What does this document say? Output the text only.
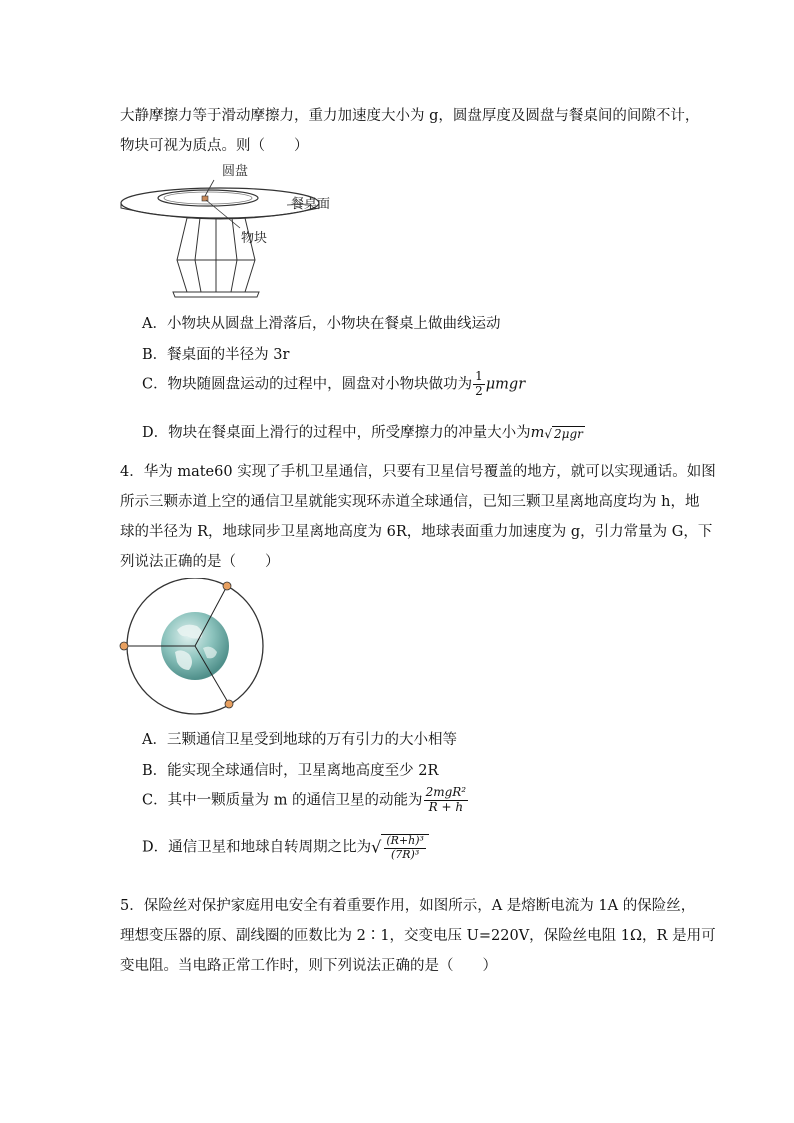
大静摩擦力等于滑动摩擦力，重力加速度大小为 g，圆盘厚度及圆盘与餐桌间的间隙不计，
物块可视为质点。则（　　）
圆盘
餐桌面
物块
A．小物块从圆盘上滑落后，小物块在餐桌上做曲线运动
B．餐桌面的半径为 3r
C．物块随圆盘运动的过程中，圆盘对小物块做功为 $\frac{1}{2}$ μmgr
D．物块在餐桌面上滑行的过程中，所受摩擦力的冲量大小为m√ 2μgr
4．华为 mate60 实现了手机卫星通信，只要有卫星信号覆盖的地方，就可以实现通话。如图
所示三颗赤道上空的通信卫星就能实现环赤道全球通信，已知三颗卫星离地高度均为 h，地
球的半径为 R，地球同步卫星离地高度为 6R，地球表面重力加速度为 g，引力常量为 G，下
列说法正确的是（　　）
A．三颗通信卫星受到地球的万有引力的大小相等
B．能实现全球通信时，卫星离地高度至少 2R
C．其中一颗质量为 m 的通信卫星的动能为 $\frac{\text{2mgR²}}{R + h}$
D．通信卫星和地球自转周期之比为√ $\frac{\text{(R+h)³}}{\text{(7R)³}}$
5．保险丝对保护家庭用电安全有着重要作用，如图所示，A 是熔断电流为 1A 的保险丝，
理想变压器的原、副线圈的匝数比为 2∶1，交变电压 U=220V，保险丝电阻 1Ω，R 是用可
变电阻。当电路正常工作时，则下列说法正确的是（　　）
